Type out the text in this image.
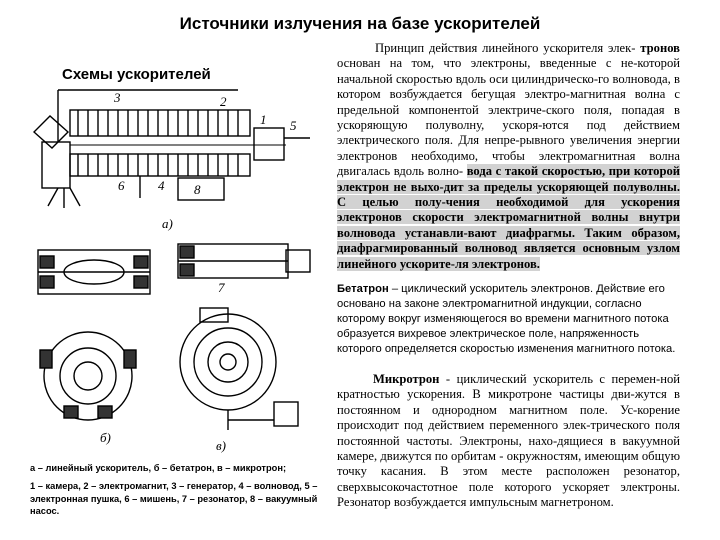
Источники излучения на базе ускорителей
Схемы ускорителей
3	2
1 5
4
6	8
а)
б)
в)
7
Принцип действия линейного ускорителя элек- тронов основан на том, что электроны, введенные с не-которой начальной скоростью вдоль оси цилиндрическо-го волновода, в котором возбуждается бегущая электро-магнитная волна с предельной компонентой электриче-ского поля, попадая в ускоряющую полуволну, ускоря-ются под действием электрического поля. Для непре-рывного увеличения энергии электронов необходимо, чтобы электромагнитная волна двигалась вдоль волно- вода с такой скоростью, при которой электрон не выхо-дит за пределы ускоряющей полуволны. С целью полу-чения необходимой для ускорения электронов скорости электромагнитной волны внутри волновода устанавли-вают диафрагмы. Таким образом, диафрагмированный волновод является основным узлом линейного ускорите-ля электронов.
Бетатрон – циклический ускоритель электронов. Действие его основано на законе электромагнитной индукции, согласно которому вокруг изменяющегося во времени магнитного потока образуется вихревое электрическое поле, напряженность которого определяется скоростью изменения магнитного потока.
Микротрон - циклический ускоритель с перемен-ной кратностью ускорения. В микротроне частицы дви-жутся в постоянном и однородном магнитном поле. Ус-корение происходит под действием переменного элек-трического поля постоянной частоты. Электроны, нахо-дящиеся в вакуумной камере, движутся по орбитам - окружностям, имеющим общую точку касания. В этом месте расположен резонатор, сверхвысокочастотное поле которого ускоряет электроны. Резонатор возбуждается импульсным магнетроном.
а – линейный ускоритель, б – бетатрон, в – микротрон;
1 – камера, 2 – электромагнит, 3 – генератор, 4 – волновод, 5 – электронная пушка, 6 – мишень, 7 – резонатор, 8 – вакуумный насос.
